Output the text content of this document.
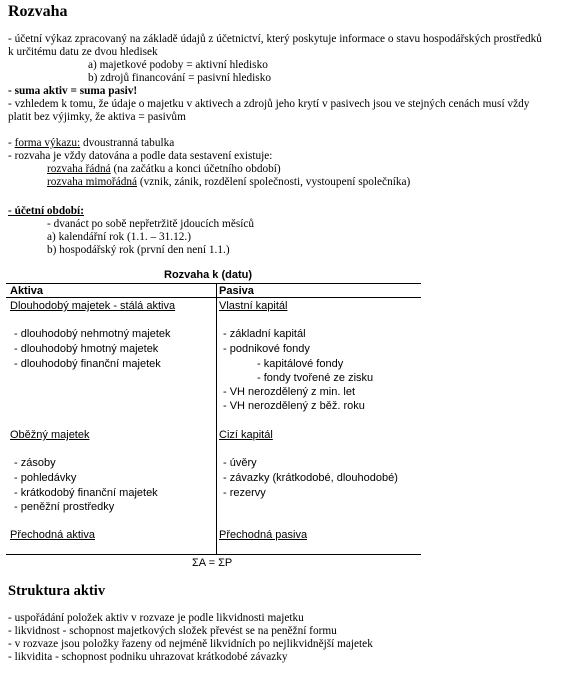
Rozvaha
- účetní výkaz zpracovaný na základě údajů z účetnictví, který poskytuje informace o stavu hospodářských prostředků
k určitému datu ze dvou hledisek
a) majetkové podoby = aktivní hledisko
b) zdrojů financování = pasivní hledisko
- suma aktiv = suma pasiv!
- vzhledem k tomu, že údaje o majetku v aktivech a zdrojů jeho krytí v pasivech jsou ve stejných cenách musí vždy
platit bez výjimky, že aktiva = pasivům
- forma výkazu: dvoustranná tabulka
- rozvaha je vždy datována a podle data sestavení existuje:
rozvaha řádná (na začátku a konci účetního období)
rozvaha mimořádná (vznik, zánik, rozdělení společnosti, vystoupení společníka)
- účetní období:
- dvanáct po sobě nepřetržitě jdoucích měsíců
a) kalendářní rok (1.1. – 31.12.)
b) hospodářský rok (první den není 1.1.)
Rozvaha k (datu)
Aktiva	Pasiva
Dlouhodobý majetek - stálá aktiva
- dlouhodobý nehmotný majetek
- dlouhodobý hmotný majetek
- dlouhodobý finanční majetek
Oběžný majetek
- zásoby
- pohledávky
- krátkodobý finanční majetek
- peněžní prostředky
Přechodná aktiva
Vlastní kapitál
- základní kapitál
- podnikové fondy
- kapitálové fondy
- fondy tvořené ze zisku
- VH nerozdělený z min. let
- VH nerozdělený z běž. roku
Cizí kapitál
- úvěry
- závazky (krátkodobé, dlouhodobé)
- rezervy
Přechodná pasiva
ΣA = ΣP
Struktura aktiv
- uspořádání položek aktiv v rozvaze je podle likvidnosti majetku
- likvidnost - schopnost majetkových složek převést se na peněžní formu
- v rozvaze jsou položky řazeny od nejméně likvidních po nejlikvidnější majetek
- likvidita - schopnost podniku uhrazovat krátkodobé závazky
